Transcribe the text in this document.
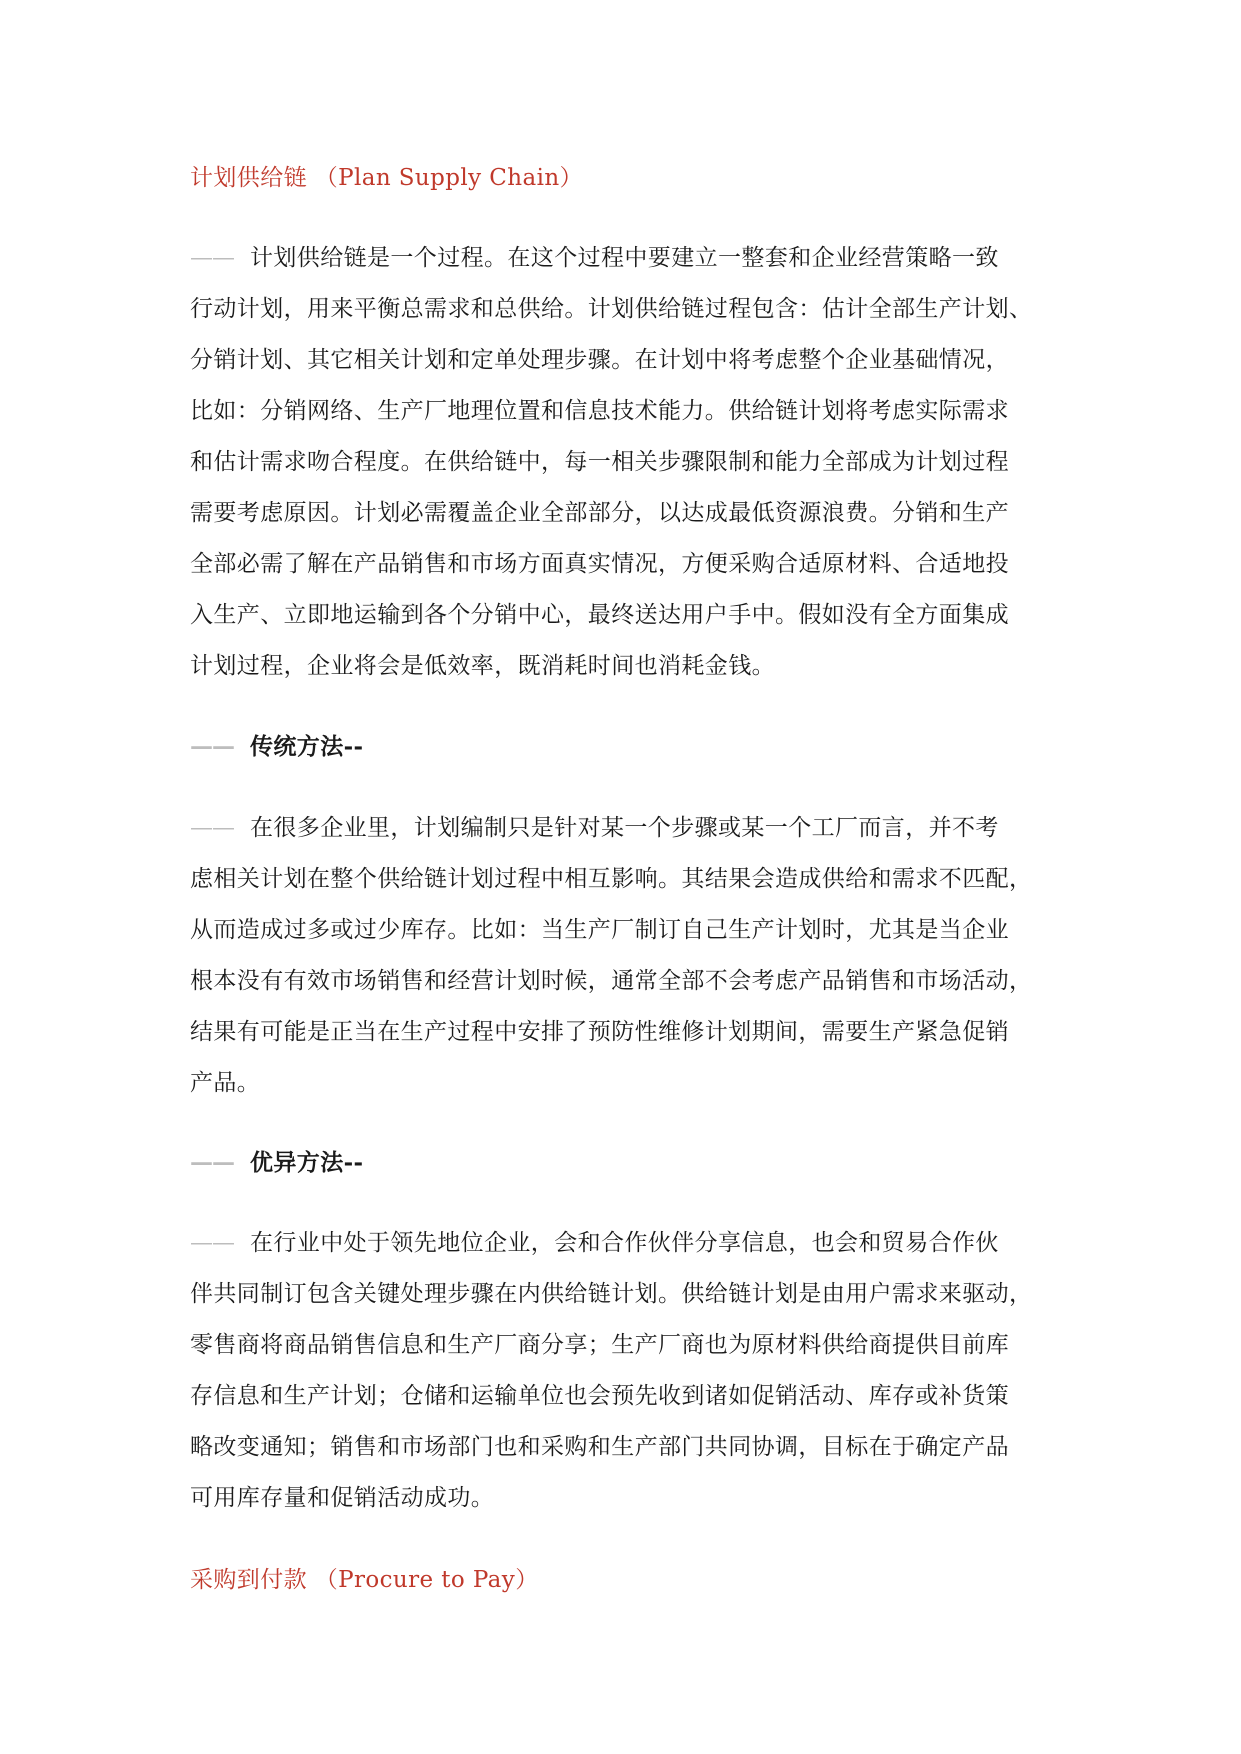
计划供给链 （Plan Supply Chain）
—— 计划供给链是一个过程。在这个过程中要建立一整套和企业经营策略一致
行动计划，用来平衡总需求和总供给。计划供给链过程包含：估计全部生产计划、
分销计划、其它相关计划和定单处理步骤。在计划中将考虑整个企业基础情况，
比如：分销网络、生产厂地理位置和信息技术能力。供给链计划将考虑实际需求
和估计需求吻合程度。在供给链中，每一相关步骤限制和能力全部成为计划过程
需要考虑原因。计划必需覆盖企业全部部分，以达成最低资源浪费。分销和生产
全部必需了解在产品销售和市场方面真实情况，方便采购合适原材料、合适地投
入生产、立即地运输到各个分销中心，最终送达用户手中。假如没有全方面集成
计划过程，企业将会是低效率，既消耗时间也消耗金钱。
—— 传统方法--
—— 在很多企业里，计划编制只是针对某一个步骤或某一个工厂而言，并不考
虑相关计划在整个供给链计划过程中相互影响。其结果会造成供给和需求不匹配，
从而造成过多或过少库存。比如：当生产厂制订自己生产计划时，尤其是当企业
根本没有有效市场销售和经营计划时候，通常全部不会考虑产品销售和市场活动，
结果有可能是正当在生产过程中安排了预防性维修计划期间，需要生产紧急促销
产品。
—— 优异方法--
—— 在行业中处于领先地位企业，会和合作伙伴分享信息，也会和贸易合作伙
伴共同制订包含关键处理步骤在内供给链计划。供给链计划是由用户需求来驱动，
零售商将商品销售信息和生产厂商分享；生产厂商也为原材料供给商提供目前库
存信息和生产计划；仓储和运输单位也会预先收到诸如促销活动、库存或补货策
略改变通知；销售和市场部门也和采购和生产部门共同协调，目标在于确定产品
可用库存量和促销活动成功。
采购到付款 （Procure to Pay）
